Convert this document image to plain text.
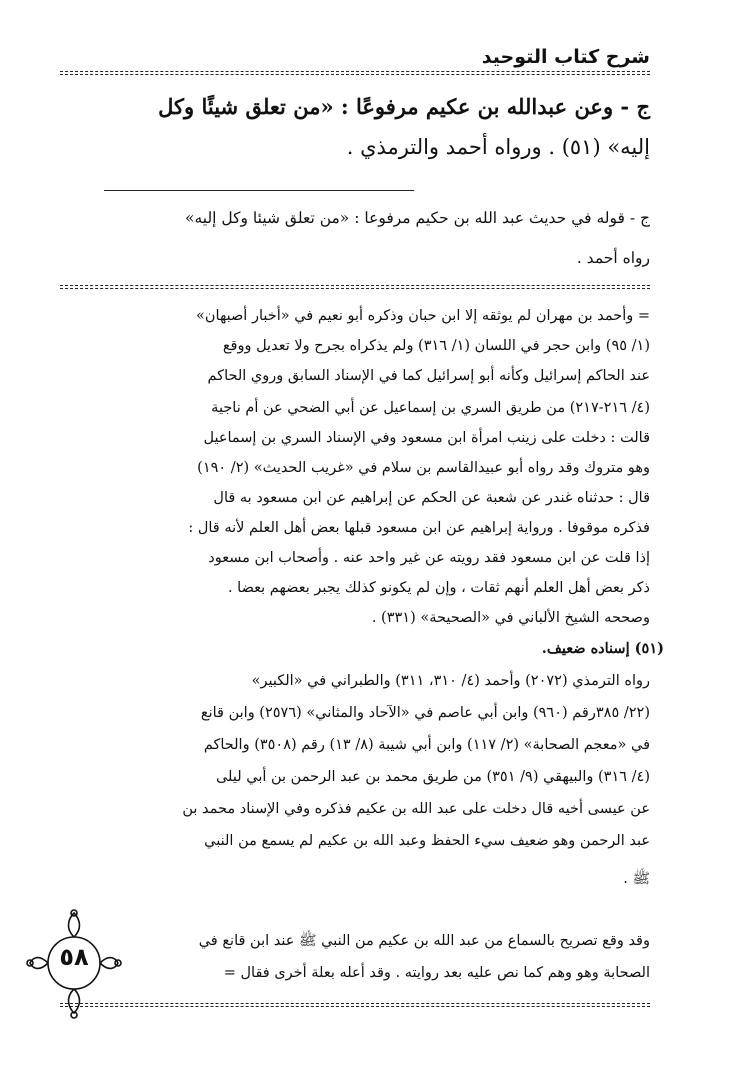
شرح كتاب التوحيد
ج - وعن عبدالله بن عكيم مرفوعًا : «من تعلق شيئًا وكل
إليه» (٥١) . ورواه أحمد والترمذي .
ج - قوله في حديث عبد الله بن حكيم مرفوعا : «من تعلق شيئا وكل إليه»
رواه أحمد .
= وأحمد بن مهران لم يوثقه إلا ابن حبان وذكره أبو نعيم في «أخبار أصبهان»
(١/ ٩٥) وابن حجر في اللسان (١/ ٣١٦) ولم يذكراه بجرح ولا تعديل ووقع
عند الحاكم إسرائيل وكأنه أبو إسرائيل كما في الإسناد السابق وروي الحاكم
(٤/ ٢١٦-٢١٧) من طريق السري بن إسماعيل عن أبي الضحي عن أم ناجية
قالت : دخلت على زينب امرأة ابن مسعود وفي الإسناد السري بن إسماعيل
وهو متروك وقد رواه أبو عبيدالقاسم بن سلام في «غريب الحديث» (٢/ ١٩٠)
قال : حدثناه غندر عن شعبة عن الحكم عن إبراهيم عن ابن مسعود به قال
فذكره موقوفا . ورواية إبراهيم عن ابن مسعود قبلها بعض أهل العلم لأنه قال :
إذا قلت عن ابن مسعود فقد رويته عن غير واحد عنه . وأصحاب ابن مسعود
ذكر بعض أهل العلم أنهم ثقات ، وإن لم يكونو كذلك يجبر بعضهم بعضا .
وصححه الشيخ الألباني في «الصحيحة» (٣٣١) .
(٥١) إسناده ضعيف.
رواه الترمذي (٢٠٧٢) وأحمد (٤/ ٣١٠، ٣١١) والطبراني في «الكبير»
(٢٢/ ٣٨٥رقم (٩٦٠) وابن أبي عاصم في «الآحاد والمثاني» (٢٥٧٦) وابن قانع
في «معجم الصحابة» (٢/ ١١٧) وابن أبي شيبة (٨/ ١٣) رقم (٣٥٠٨) والحاكم
(٤/ ٣١٦) والبيهقي (٩/ ٣٥١) من طريق محمد بن عبد الرحمن بن أبي ليلى
عن عيسى أخيه قال دخلت على عبد الله بن عكيم فذكره وفي الإسناد محمد بن
عبد الرحمن وهو ضعيف سيء الحفظ وعبد الله بن عكيم لم يسمع من النبي
ﷺ .
وقد وقع تصريح بالسماع من عبد الله بن عكيم من النبي ﷺ عند ابن قانع في
الصحابة وهو وهم كما نص عليه بعد روايته . وقد أعله بعلة أخرى فقال =
٥٨
